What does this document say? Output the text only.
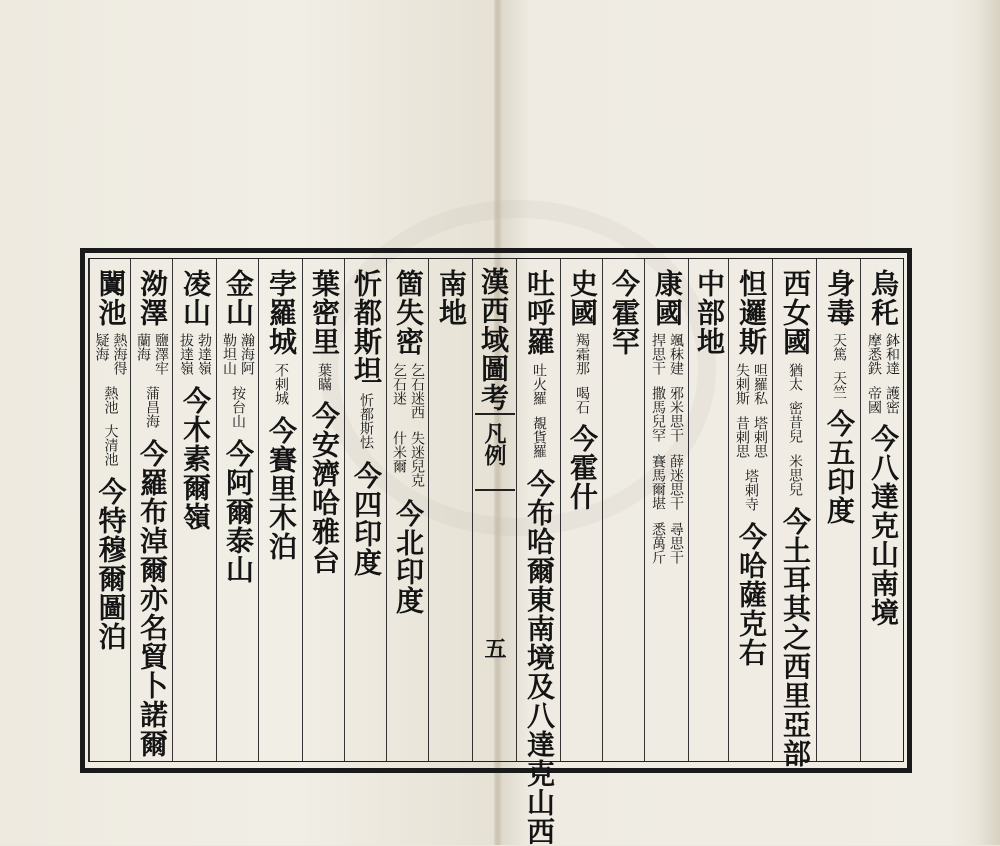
烏秅
鉢和達
摩悉鉄
護密
帝國
今八達克山南境
身毒
天篤
天竺
今五印度
西女國
猶太
密昔兒
米思兒
今土耳其之西里亞部
怛邏斯
呾羅私
失剌斯
塔剌思
昔剌思
塔剌寺
今哈薩克右
中部地
康國
颯秣建
捍思干
邪米思干
撒馬兒罕
薛迷思干
賽馬爾堪
尋思干
悉萬斤
今霍罕
史國
羯霜那
喝石
今霍什
吐呼羅
吐火羅
覩貨羅
今布哈爾東南境及八達克山西
南地
箇失密
乞石迷西
乞石迷
失迷兒克
什米爾
今北印度
忻都斯坦
忻都斯怯
今四印度
葉密里
葉瞞
今安濟哈雅台
孛羅城
不剌城
今賽里木泊
金山
瀚海阿
勒坦山
按台山
今阿爾泰山
凌山
勃達嶺
拔達嶺
今木素爾嶺
泑澤
鹽澤牢
蘭海
蒲昌海
今羅布淖爾亦名貿卜諾爾
闐池
熱海得
疑海
熱池
大清池
今特穆爾圖泊
漢西域圖考
凡例
五
